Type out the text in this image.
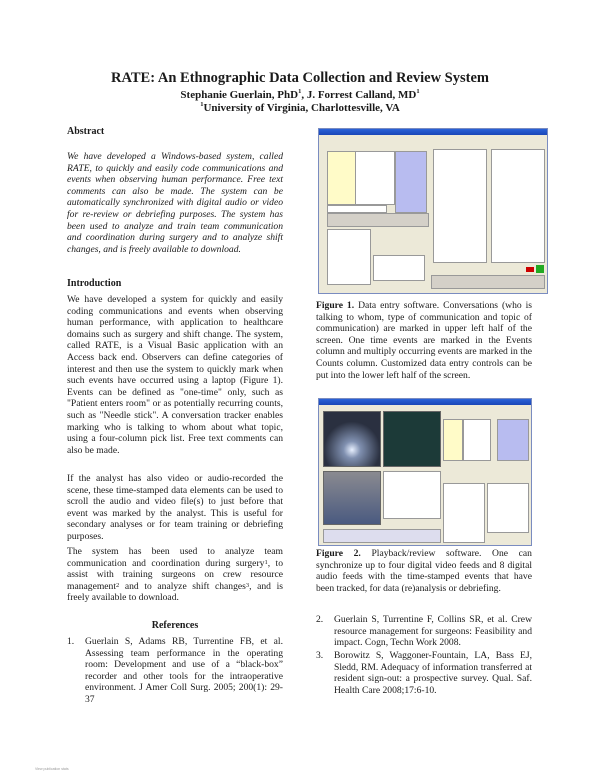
RATE: An Ethnographic Data Collection and Review System
Stephanie Guerlain, PhD$^1$, J. Forrest Calland, $MD^1$
$^1$University of Virginia, Charlottesville, VA
Abstract
We have developed a Windows-based system, called RATE, to quickly and easily code communications and events when observing human performance. Free text comments can also be made. The system can be automatically synchronized with digital audio or video for re-review or debriefing purposes. The system has been used to analyze and train team communication and coordination during surgery and to analyze shift changes, and is freely available to download.
Introduction
We have developed a system for quickly and easily coding communications and events when observing human performance, with application to healthcare domains such as surgery and shift change. The system, called RATE, is a Visual Basic application with an Access back end. Observers can define categories of interest and then use the system to quickly mark when such events have occurred using a laptop (Figure 1). Events can be defined as "one-time" only, such as "Patient enters room" or as potentially recurring counts, such as "Needle stick". A conversation tracker enables marking who is talking to whom about what topic, using a four-column pick list. Free text comments can also be made.
If the analyst has also video or audio-recorded the scene, these time-stamped data elements can be used to scroll the audio and video file(s) to just before that event was marked by the analyst. This is useful for secondary analyses or for team training or debriefing purposes.
The system has been used to analyze team communication and coordination during surgery$^1$, to assist with training surgeons on crew resource management$^2$ and to analyze shift changes$^3$, and is freely available to download.
References
1.	Guerlain S, Adams RB, Turrentine FB, et al. Assessing team performance in the operating room: Development and use of a “black-box” recorder and other tools for the intraoperative environment. J Amer Coll Surg. 2005; 200(1): 29-37
Figure 1. Data entry software. Conversations (who is talking to whom, type of communication and topic of communication) are marked in upper left half of the screen. One time events are marked in the Events column and multiply occurring events are marked in the Counts column. Customized data entry controls can be put into the lower left half of the screen.
Figure 2. Playback/review software. One can synchronize up to four digital video feeds and 8 digital audio feeds with the time-stamped events that have been tracked, for data (re)analysis or debriefing.
2.	Guerlain S, Turrentine F, Collins SR, et al. Crew resource management for surgeons: Feasibility and impact. Cogn, Techn Work 2008.
3.	Borowitz S, Waggoner-Fountain, LA, Bass EJ, Sledd, RM. Adequacy of information transferred at resident sign-out: a prospective survey. Qual. Saf. Health Care 2008;17:6-10.
View publication stats
